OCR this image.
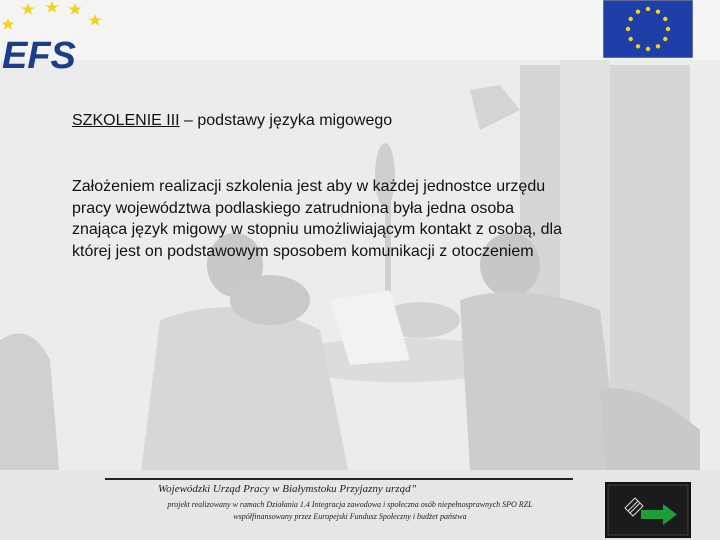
EFS
SZKOLENIE III – podstawy języka migowego
Założeniem realizacji szkolenia jest aby w każdej jednostce urzędu pracy województwa podlaskiego zatrudniona była jedna osoba znająca język migowy w stopniu umożliwiającym kontakt z osobą, dla której jest on podstawowym sposobem komunikacji z otoczeniem
Wojewódzki Urząd Pracy w Białymstoku Przyjazny urząd”
projekt realizowany w ramach Działania 1.4 Integracja zawodowa i społeczna osób niepełnosprawnych SPO RZL
współfinansowany przez Europejski Fundusz Społeczny i budżet państwa
